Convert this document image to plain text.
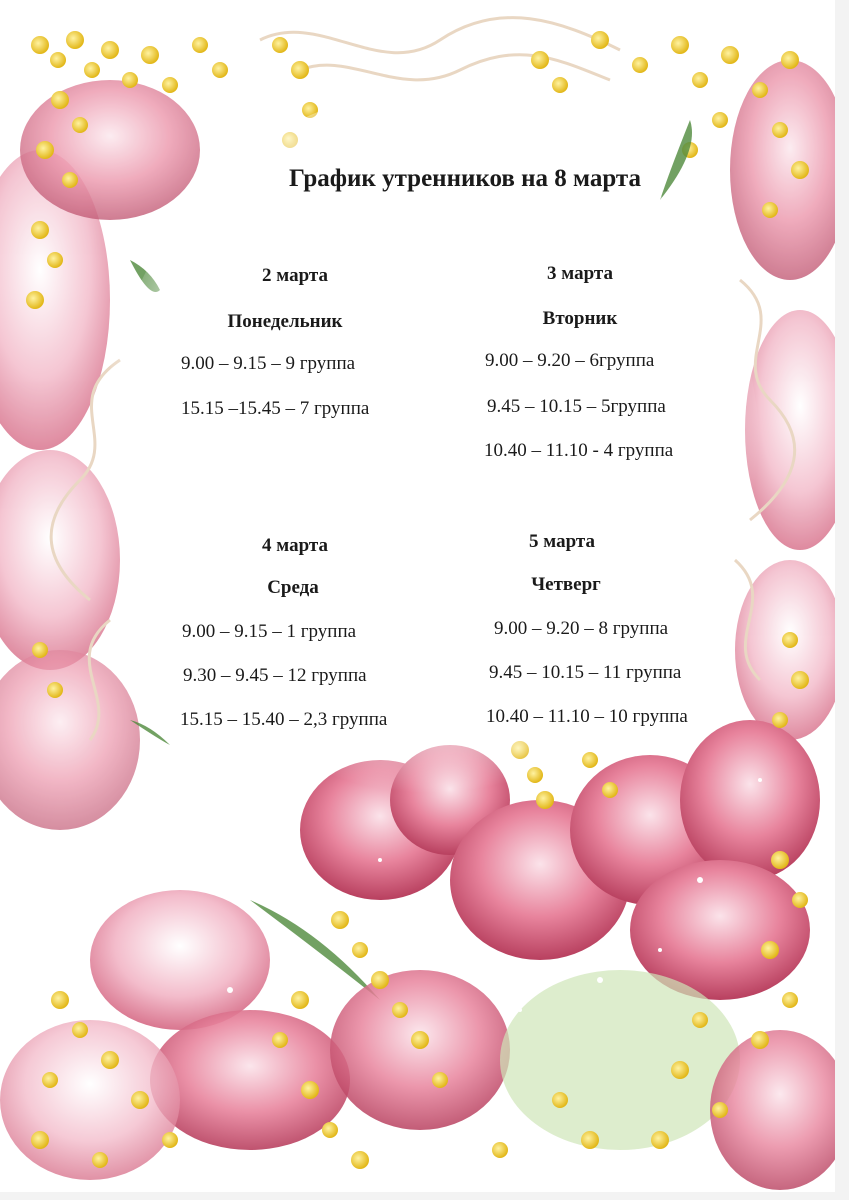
График утренников на 8 марта
2 марта
Понедельник
9.00 – 9.15 – 9 группа
15.15 –15.45 – 7 группа
3 марта
Вторник
9.00 – 9.20 – 6группа
9.45 – 10.15 – 5группа
10.40 – 11.10 - 4 группа
4 марта
Среда
9.00 – 9.15 – 1 группа
9.30 – 9.45 – 12 группа
15.15 – 15.40 – 2,3 группа
5 марта
Четверг
9.00 – 9.20 – 8 группа
9.45 – 10.15 – 11 группа
10.40 – 11.10 – 10 группа
